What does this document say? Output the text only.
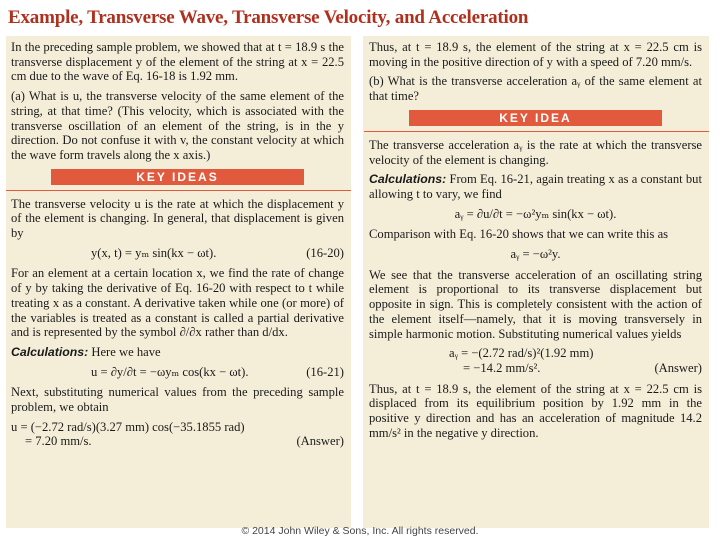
Example, Transverse Wave, Transverse Velocity, and Acceleration

In the preceding sample problem, we showed that at t = 18.9 s the transverse displacement y of the element of the string at x = 22.5 cm due to the wave of Eq. 16-18 is 1.92 mm.

(a) What is u, the transverse velocity of the same element of the string, at that time? (This velocity, which is associated with the transverse oscillation of an element of the string, is in the y direction. Do not confuse it with v, the constant velocity at which the wave form travels along the x axis.)

KEY IDEAS

The transverse velocity u is the rate at which the displacement y of the element is changing. In general, that displacement is given by

y(x, t) = yₘ sin(kx − ωt).	(16-20)

For an element at a certain location x, we find the rate of change of y by taking the derivative of Eq. 16-20 with respect to t while treating x as a constant. A derivative taken while one (or more) of the variables is treated as a constant is called a partial derivative and is represented by the symbol ∂/∂x rather than d/dx.

Calculations: Here we have

u = ∂y/∂t = −ωyₘ cos(kx − ωt).	(16-21)

Next, substituting numerical values from the preceding sample problem, we obtain

u = (−2.72 rad/s)(3.27 mm) cos(−35.1855 rad)
= 7.20 mm/s.	(Answer)

Thus, at t = 18.9 s, the element of the string at x = 22.5 cm is moving in the positive direction of y with a speed of 7.20 mm/s.

(b) What is the transverse acceleration aᵧ of the same element at that time?

KEY IDEA

The transverse acceleration aᵧ is the rate at which the transverse velocity of the element is changing.

Calculations: From Eq. 16-21, again treating x as a constant but allowing t to vary, we find

aᵧ = ∂u/∂t = −ω²yₘ sin(kx − ωt).

Comparison with Eq. 16-20 shows that we can write this as

aᵧ = −ω²y.

We see that the transverse acceleration of an oscillating string element is proportional to its transverse displacement but opposite in sign. This is completely consistent with the action of the element itself—namely, that it is moving transversely in simple harmonic motion. Substituting numerical values yields

aᵧ = −(2.72 rad/s)²(1.92 mm)
= −14.2 mm/s².	(Answer)

Thus, at t = 18.9 s, the element of the string at x = 22.5 cm is displaced from its equilibrium position by 1.92 mm in the positive y direction and has an acceleration of magnitude 14.2 mm/s² in the negative y direction.

© 2014 John Wiley & Sons, Inc. All rights reserved.
